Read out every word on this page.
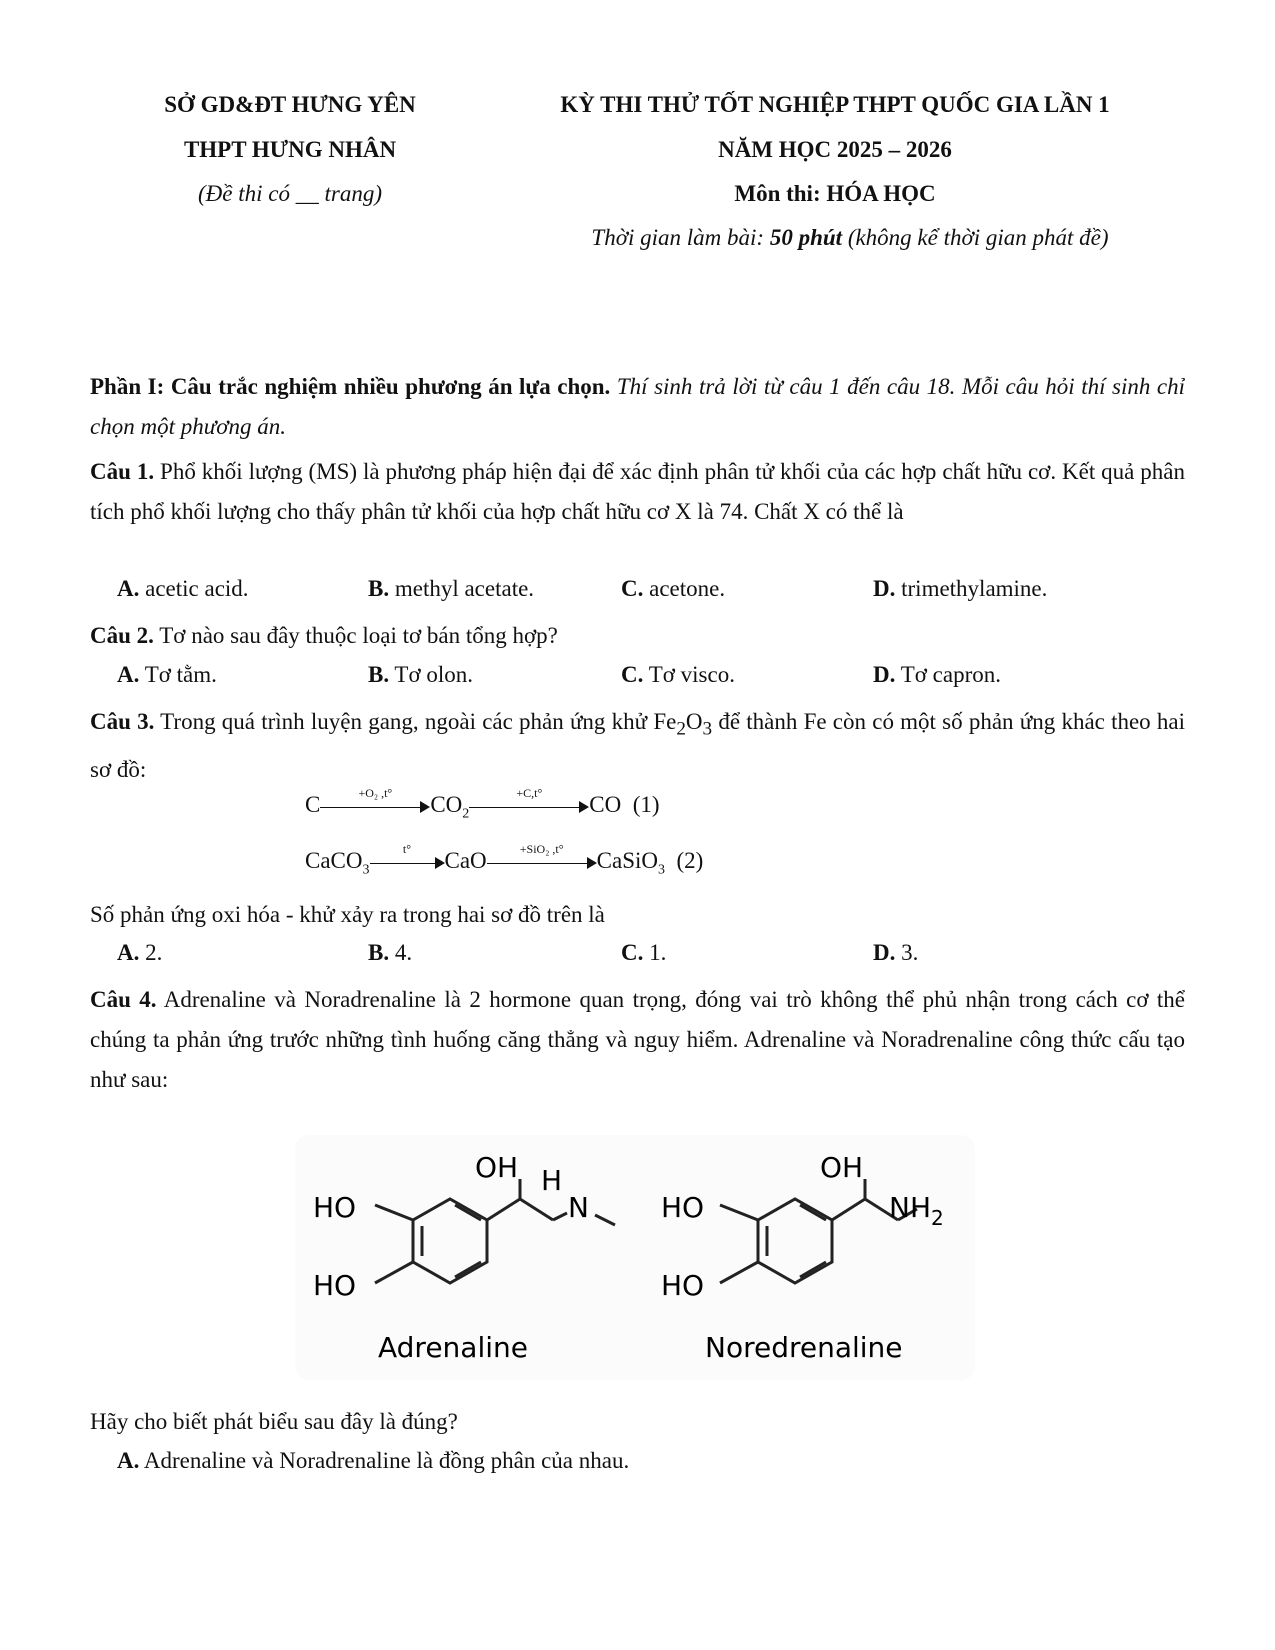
SỞ GD&ĐT HƯNG YÊN
THPT HƯNG NHÂN
(Đề thi có __ trang)
KỲ THI THỬ TỐT NGHIỆP THPT QUỐC GIA LẦN 1
NĂM HỌC 2025 – 2026
Môn thi: HÓA HỌC
Thời gian làm bài: 50 phút (không kể thời gian phát đề)
Phần I: Câu trắc nghiệm nhiều phương án lựa chọn. Thí sinh trả lời từ câu 1 đến câu 18. Mỗi câu hỏi thí sinh chỉ chọn một phương án.
Câu 1. Phổ khối lượng (MS) là phương pháp hiện đại để xác định phân tử khối của các hợp chất hữu cơ. Kết quả phân tích phổ khối lượng cho thấy phân tử khối của hợp chất hữu cơ X là 74. Chất X có thể là
A. acetic acid.	B. methyl acetate.	C. acetone.	D. trimethylamine.
Câu 2. Tơ nào sau đây thuộc loại tơ bán tổng hợp?
A. Tơ tằm.	B. Tơ olon.	C. Tơ visco.	D. Tơ capron.
Câu 3. Trong quá trình luyện gang, ngoài các phản ứng khử $Fe_2O_3$ để thành Fe còn có một số phản ứng khác theo hai sơ đồ:
C	+O₂ ,t°	$CO_2$
+C,t°	CO (1)
CaCO$_3$
t°	CaO	+SiO₂ ,t°	CaSiO$_3$ (2)
Số phản ứng oxi hóa - khử xảy ra trong hai sơ đồ trên là
A. 2.	B. 4.	C. 1.	D. 3.
Câu 4. Adrenaline và Noradrenaline là 2 hormone quan trọng, đóng vai trò không thể phủ nhận trong cách cơ thể chúng ta phản ứng trước những tình huống căng thẳng và nguy hiểm. Adrenaline và Noradrenaline công thức cấu tạo như sau:
OH
HO
HO
H
N
Adrenaline
OH
HO
HO
$NH_2$
Noredrenaline
Hãy cho biết phát biểu sau đây là đúng?
A. Adrenaline và Noradrenaline là đồng phân của nhau.
